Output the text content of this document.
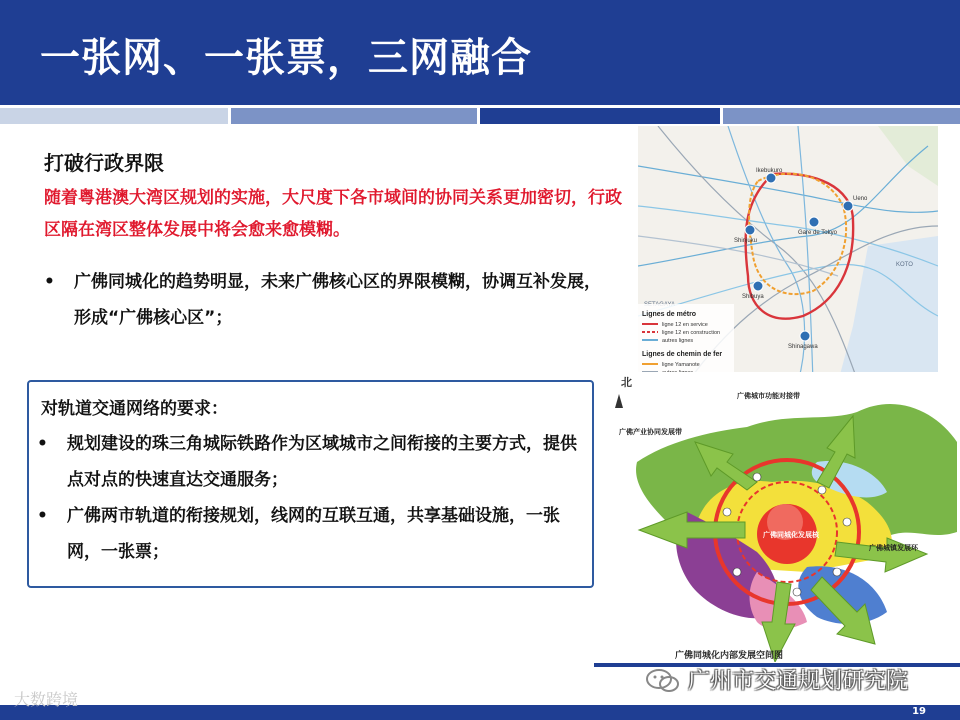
一张网、一张票，三网融合
打破行政界限
随着粤港澳大湾区规划的实施，大尺度下各市域间的协同关系更加密切，行政区隔在湾区整体发展中将会愈来愈模糊。
•	广佛同城化的趋势明显，未来广佛核心区的界限模糊，协调互补发展，形成“广佛核心区”；
对轨道交通网络的要求：
•	规划建设的珠三角城际铁路作为区域城市之间衔接的主要方式，提供点对点的快速直达交通服务；
•	广佛两市轨道的衔接规划，线网的互联互通，共享基础设施，一张网，一张票；
Ikebukuro
Shinjuku
Gare de Tokyo
Shibuya
Ueno
Shinagawa
KOTO
Lignes de métro
ligne 12 en service
ligne 12 en construction
autres lignes
Lignes de chemin de fer
ligne Yamanote
北
广佛城市功能对接带
广佛产业协同发展带
广佛城镇发展环
广佛同城化发展核
广佛同城化内部发展空间图
19
大数跨境
广州市交通规划研究院
